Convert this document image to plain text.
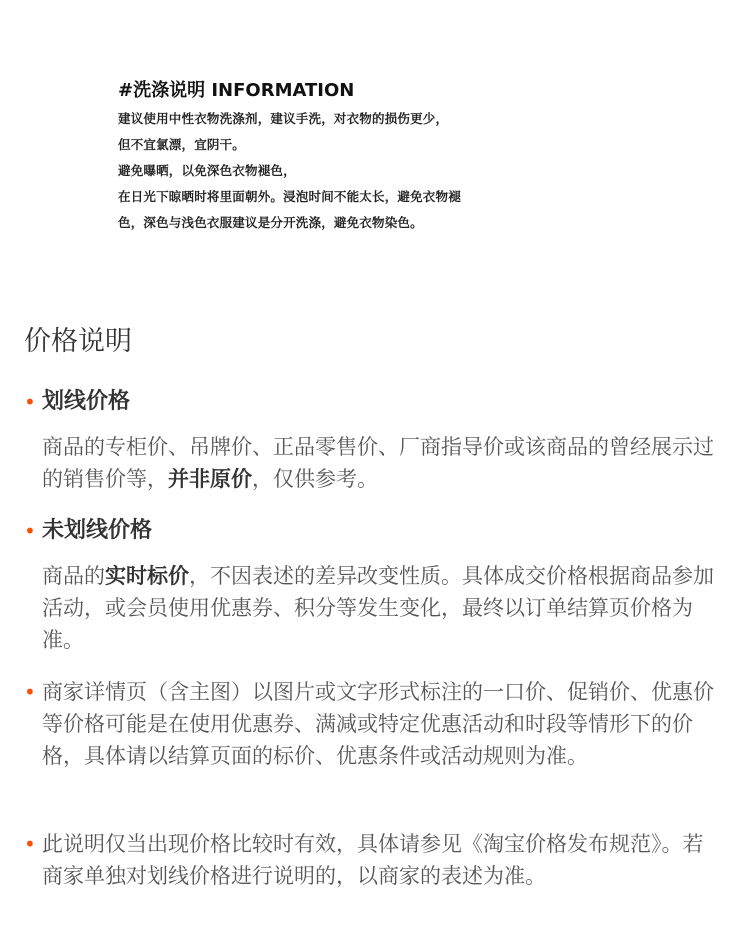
#洗涤说明 INFORMATION
建议使用中性衣物洗涤剂，建议手洗，对衣物的损伤更少，
但不宜氯漂，宜阴干。
避免曝晒，以免深色衣物褪色，
在日光下晾晒时将里面朝外。浸泡时间不能太长，避免衣物褪
色，深色与浅色衣服建议是分开洗涤，避免衣物染色。
价格说明
• 划线价格
商品的专柜价、吊牌价、正品零售价、厂商指导价或该商品的曾经展示过的销售价等，并非原价，仅供参考。
• 未划线价格
商品的实时标价，不因表述的差异改变性质。具体成交价格根据商品参加活动，或会员使用优惠券、积分等发生变化，最终以订单结算页价格为准。
• 商家详情页（含主图）以图片或文字形式标注的一口价、促销价、优惠价等价格可能是在使用优惠券、满减或特定优惠活动和时段等情形下的价格，具体请以结算页面的标价、优惠条件或活动规则为准。
• 此说明仅当出现价格比较时有效，具体请参见《淘宝价格发布规范》。若商家单独对划线价格进行说明的，以商家的表述为准。
